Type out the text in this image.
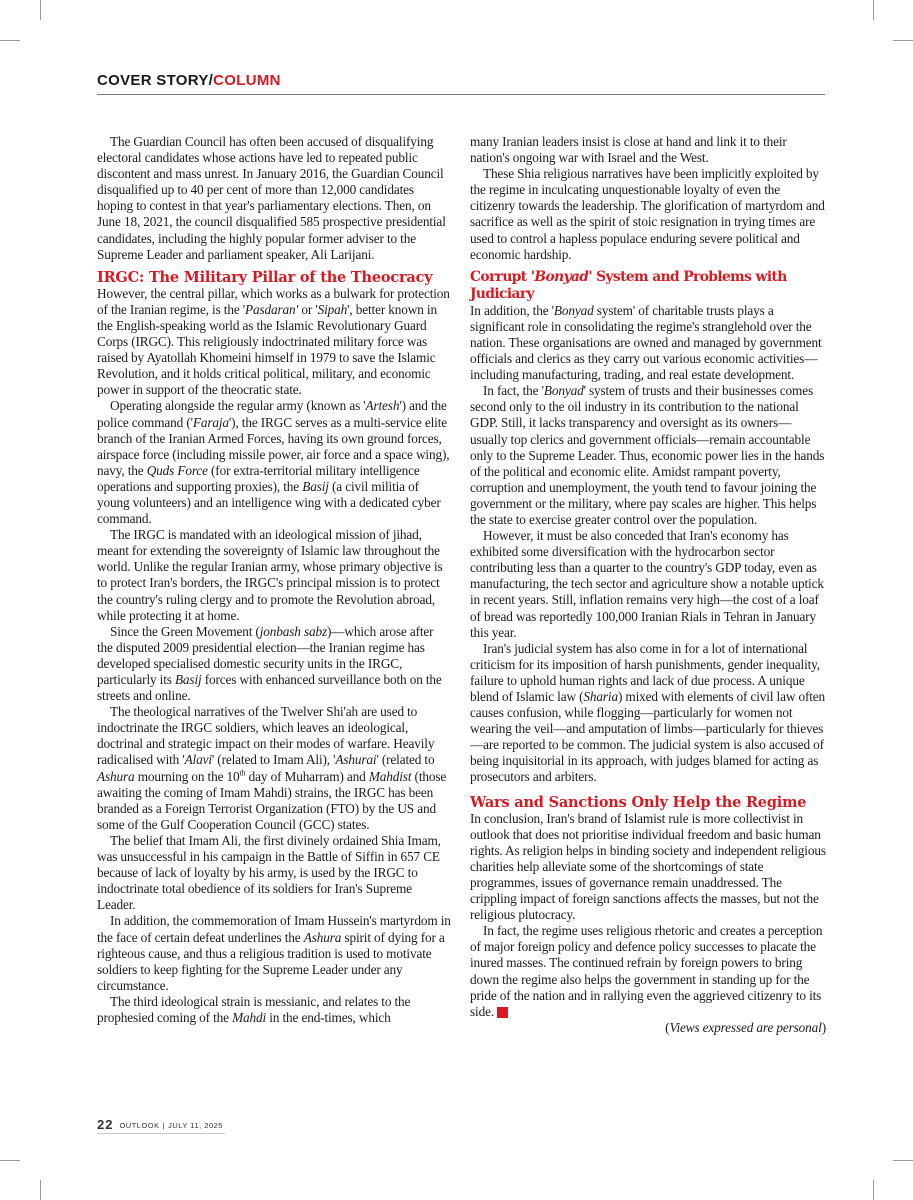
COVER STORY/COLUMN

The Guardian Council has often been accused of disqualifying electoral candidates whose actions have led to repeated public discontent and mass unrest. In January 2016, the Guardian Council disqualified up to 40 per cent of more than 12,000 candidates hoping to contest in that year's parliamentary elections. Then, on June 18, 2021, the council disqualified 585 prospective presidential candidates, including the highly popular former adviser to the Supreme Leader and parliament speaker, Ali Larijani.

IRGC: The Military Pillar of the Theocracy

However, the central pillar, which works as a bulwark for protection of the Iranian regime, is the 'Pasdaran' or 'Sipah', better known in the English-speaking world as the Islamic Revolutionary Guard Corps (IRGC). This religiously indoctrinated military force was raised by Ayatollah Khomeini himself in 1979 to save the Islamic Revolution, and it holds critical political, military, and economic power in support of the theocratic state.

Operating alongside the regular army (known as 'Artesh') and the police command ('Faraja'), the IRGC serves as a multi-service elite branch of the Iranian Armed Forces, having its own ground forces, airspace force (including missile power, air force and a space wing), navy, the Quds Force (for extra-territorial military intelligence operations and supporting proxies), the Basij (a civil militia of young volunteers) and an intelligence wing with a dedicated cyber command.

The IRGC is mandated with an ideological mission of jihad, meant for extending the sovereignty of Islamic law throughout the world. Unlike the regular Iranian army, whose primary objective is to protect Iran's borders, the IRGC's principal mission is to protect the country's ruling clergy and to promote the Revolution abroad, while protecting it at home.

Since the Green Movement (jonbash sabz)—which arose after the disputed 2009 presidential election—the Iranian regime has developed specialised domestic security units in the IRGC, particularly its Basij forces with enhanced surveillance both on the streets and online.

The theological narratives of the Twelver Shi'ah are used to indoctrinate the IRGC soldiers, which leaves an ideological, doctrinal and strategic impact on their modes of warfare. Heavily radicalised with 'Alavi' (related to Imam Ali), 'Ashurai' (related to Ashura mourning on the 10th day of Muharram) and Mahdist (those awaiting the coming of Imam Mahdi) strains, the IRGC has been branded as a Foreign Terrorist Organization (FTO) by the US and some of the Gulf Cooperation Council (GCC) states.

The belief that Imam Ali, the first divinely ordained Shia Imam, was unsuccessful in his campaign in the Battle of Siffin in 657 CE because of lack of loyalty by his army, is used by the IRGC to indoctrinate total obedience of its soldiers for Iran's Supreme Leader.

In addition, the commemoration of Imam Hussein's martyrdom in the face of certain defeat underlines the Ashura spirit of dying for a righteous cause, and thus a religious tradition is used to motivate soldiers to keep fighting for the Supreme Leader under any circumstance.

The third ideological strain is messianic, and relates to the prophesied coming of the Mahdi in the end-times, which

many Iranian leaders insist is close at hand and link it to their nation's ongoing war with Israel and the West.

These Shia religious narratives have been implicitly exploited by the regime in inculcating unquestionable loyalty of even the citizenry towards the leadership. The glorification of martyrdom and sacrifice as well as the spirit of stoic resignation in trying times are used to control a hapless populace enduring severe political and economic hardship.

Corrupt 'Bonyad' System and Problems with Judiciary

In addition, the 'Bonyad system' of charitable trusts plays a significant role in consolidating the regime's stranglehold over the nation. These organisations are owned and managed by government officials and clerics as they carry out various economic activities—including manufacturing, trading, and real estate development.

In fact, the 'Bonyad' system of trusts and their businesses comes second only to the oil industry in its contribution to the national GDP. Still, it lacks transparency and oversight as its owners—usually top clerics and government officials—remain accountable only to the Supreme Leader. Thus, economic power lies in the hands of the political and economic elite. Amidst rampant poverty, corruption and unemployment, the youth tend to favour joining the government or the military, where pay scales are higher. This helps the state to exercise greater control over the population.

However, it must be also conceded that Iran's economy has exhibited some diversification with the hydrocarbon sector contributing less than a quarter to the country's GDP today, even as manufacturing, the tech sector and agriculture show a notable uptick in recent years. Still, inflation remains very high—the cost of a loaf of bread was reportedly 100,000 Iranian Rials in Tehran in January this year.

Iran's judicial system has also come in for a lot of international criticism for its imposition of harsh punishments, gender inequality, failure to uphold human rights and lack of due process. A unique blend of Islamic law (Sharia) mixed with elements of civil law often causes confusion, while flogging—particularly for women not wearing the veil—and amputation of limbs—particularly for thieves—are reported to be common. The judicial system is also accused of being inquisitorial in its approach, with judges blamed for acting as prosecutors and arbiters.

Wars and Sanctions Only Help the Regime

In conclusion, Iran's brand of Islamist rule is more collectivist in outlook that does not prioritise individual freedom and basic human rights. As religion helps in binding society and independent religious charities help alleviate some of the shortcomings of state programmes, issues of governance remain unaddressed. The crippling impact of foreign sanctions affects the masses, but not the religious plutocracy.

In fact, the regime uses religious rhetoric and creates a perception of major foreign policy and defence policy successes to placate the inured masses. The continued refrain by foreign powers to bring down the regime also helps the government in standing up for the pride of the nation and in rallying even the aggrieved citizenry to its side. C

(Views expressed are personal)

22 OUTLOOK | JULY 11, 2025
